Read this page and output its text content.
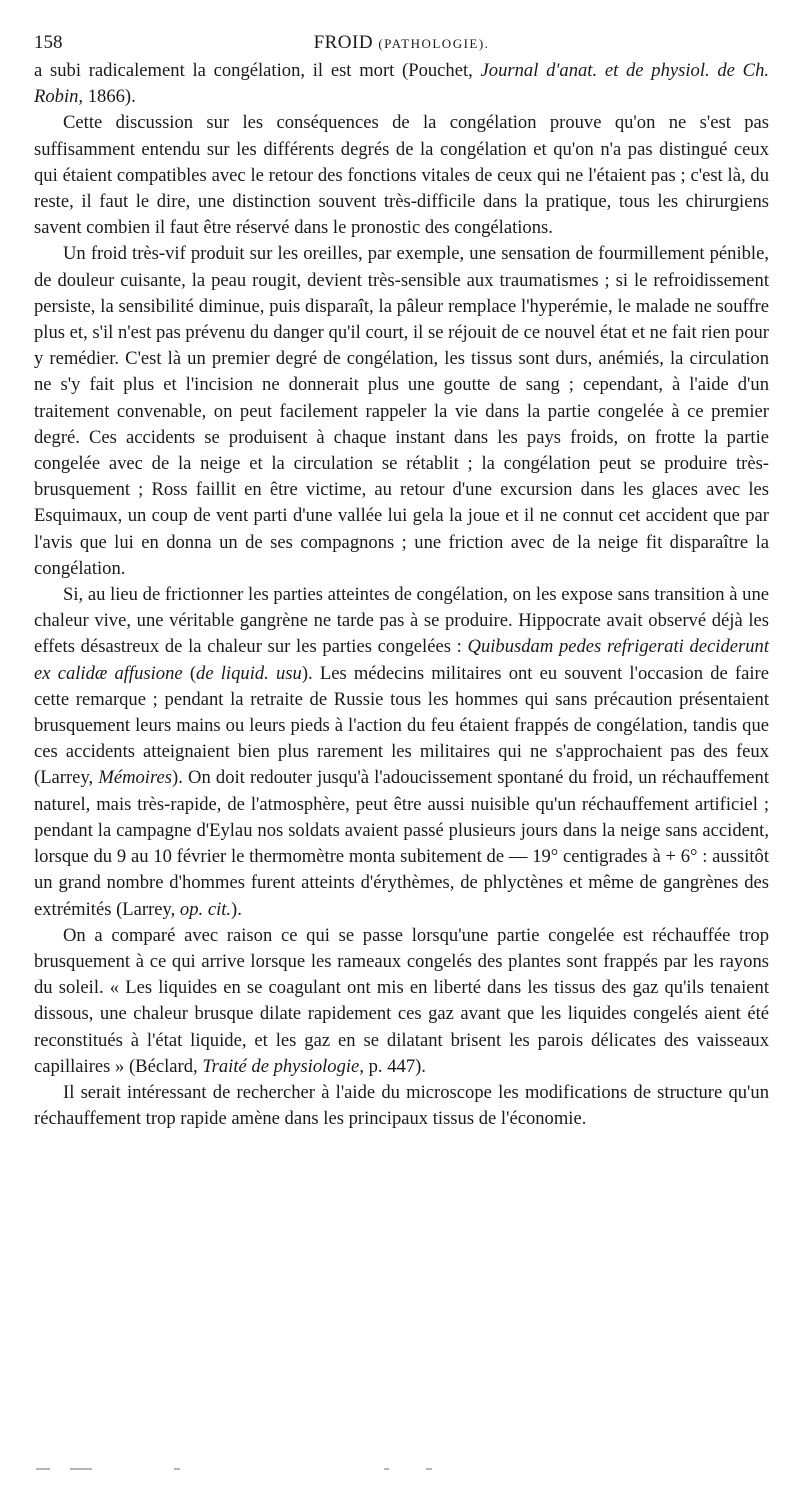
158	FROID (PATHOLOGIE).

a subi radicalement la congélation, il est mort (Pouchet, Journal d'anat. et de physiol. de Ch. Robin, 1866).

Cette discussion sur les conséquences de la congélation prouve qu'on ne s'est pas suffisamment entendu sur les différents degrés de la congélation et qu'on n'a pas distingué ceux qui étaient compatibles avec le retour des fonctions vitales de ceux qui ne l'étaient pas ; c'est là, du reste, il faut le dire, une distinction souvent très-difficile dans la pratique, tous les chirurgiens savent combien il faut être réservé dans le pronostic des congélations.

Un froid très-vif produit sur les oreilles, par exemple, une sensation de fourmillement pénible, de douleur cuisante, la peau rougit, devient très-sensible aux traumatismes ; si le refroidissement persiste, la sensibilité diminue, puis disparaît, la pâleur remplace l'hyperémie, le malade ne souffre plus et, s'il n'est pas prévenu du danger qu'il court, il se réjouit de ce nouvel état et ne fait rien pour y remédier. C'est là un premier degré de congélation, les tissus sont durs, anémiés, la circulation ne s'y fait plus et l'incision ne donnerait plus une goutte de sang ; cependant, à l'aide d'un traitement convenable, on peut facilement rappeler la vie dans la partie congelée à ce premier degré. Ces accidents se produisent à chaque instant dans les pays froids, on frotte la partie congelée avec de la neige et la circulation se rétablit ; la congélation peut se produire très-brusquement ; Ross faillit en être victime, au retour d'une excursion dans les glaces avec les Esquimaux, un coup de vent parti d'une vallée lui gela la joue et il ne connut cet accident que par l'avis que lui en donna un de ses compagnons ; une friction avec de la neige fit disparaître la congélation.

Si, au lieu de frictionner les parties atteintes de congélation, on les expose sans transition à une chaleur vive, une véritable gangrène ne tarde pas à se produire. Hippocrate avait observé déjà les effets désastreux de la chaleur sur les parties congelées : Quibusdam pedes refrigerati deciderunt ex calidæ affusione (de liquid. usu). Les médecins militaires ont eu souvent l'occasion de faire cette remarque ; pendant la retraite de Russie tous les hommes qui sans précaution présentaient brusquement leurs mains ou leurs pieds à l'action du feu étaient frappés de congélation, tandis que ces accidents atteignaient bien plus rarement les militaires qui ne s'approchaient pas des feux (Larrey, Mémoires). On doit redouter jusqu'à l'adoucissement spontané du froid, un réchauffement naturel, mais très-rapide, de l'atmosphère, peut être aussi nuisible qu'un réchauffement artificiel ; pendant la campagne d'Eylau nos soldats avaient passé plusieurs jours dans la neige sans accident, lorsque du 9 au 10 février le thermomètre monta subitement de — 19° centigrades à + 6° : aussitôt un grand nombre d'hommes furent atteints d'érythèmes, de phlyctènes et même de gangrènes des extrémités (Larrey, op. cit.).

On a comparé avec raison ce qui se passe lorsqu'une partie congelée est réchauffée trop brusquement à ce qui arrive lorsque les rameaux congelés des plantes sont frappés par les rayons du soleil. « Les liquides en se coagulant ont mis en liberté dans les tissus des gaz qu'ils tenaient dissous, une chaleur brusque dilate rapidement ces gaz avant que les liquides congelés aient été reconstitués à l'état liquide, et les gaz en se dilatant brisent les parois délicates des vaisseaux capillaires » (Béclard, Traité de physiologie, p. 447).

Il serait intéressant de rechercher à l'aide du microscope les modifications de structure qu'un réchauffement trop rapide amène dans les principaux tissus de l'économie.
